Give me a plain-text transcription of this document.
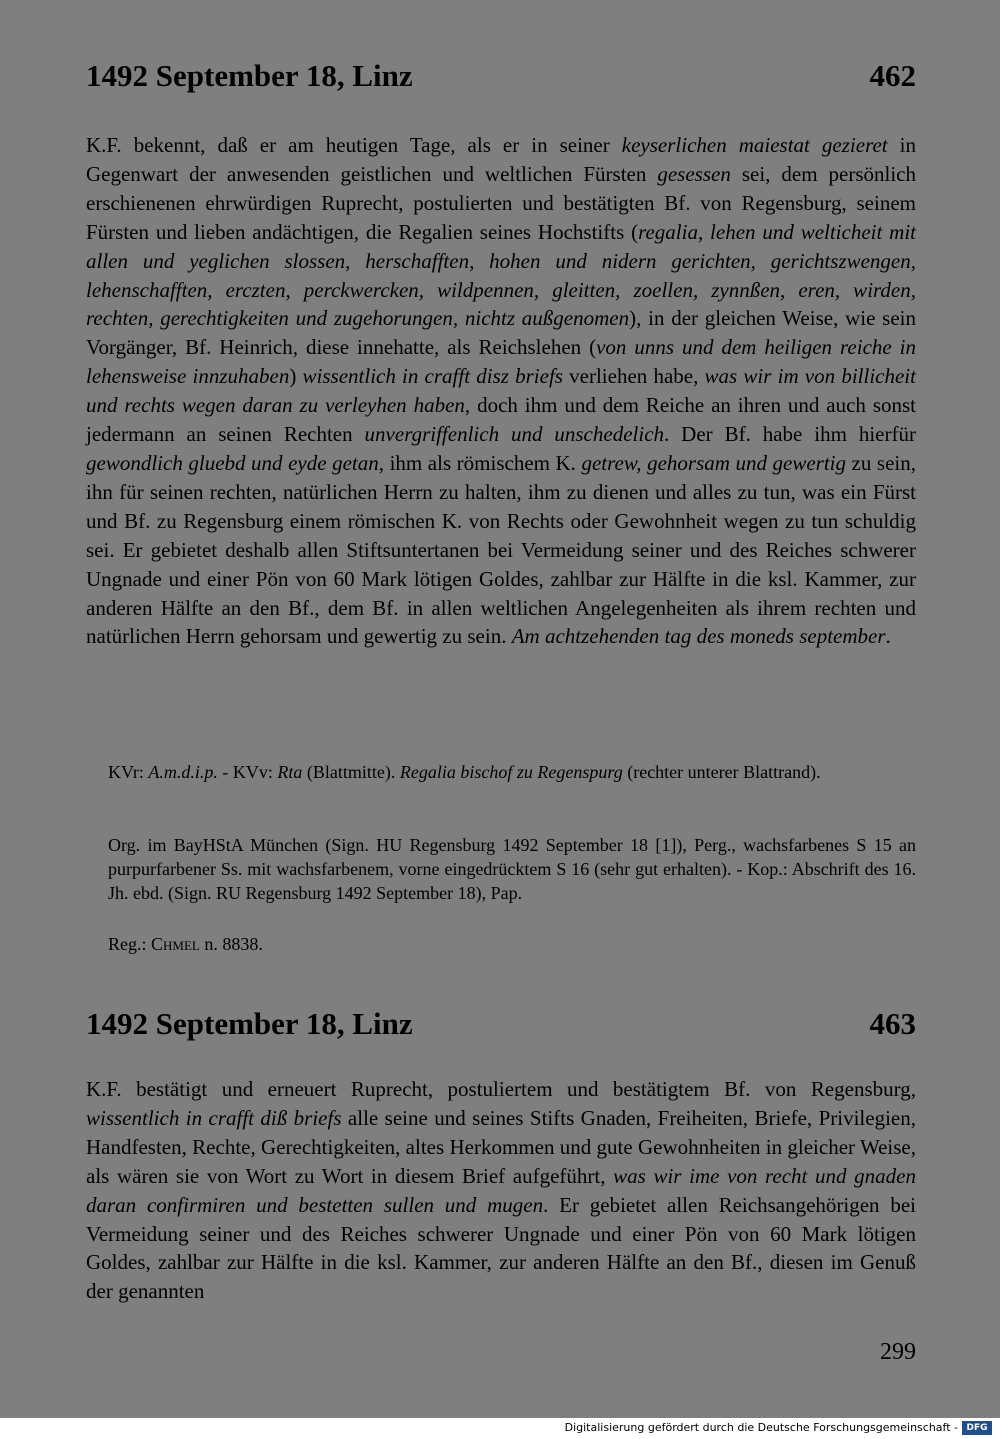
1492 September 18, Linz	462
K.F. bekennt, daß er am heutigen Tage, als er in seiner keyserlichen maiestat gezieret in Gegenwart der anwesenden geistlichen und weltlichen Fürsten gesessen sei, dem persönlich erschienenen ehrwürdigen Ruprecht, postulierten und bestätigten Bf. von Regensburg, seinem Fürsten und lieben andächtigen, die Regalien seines Hochstifts (regalia, lehen und welticheit mit allen und yeglichen slossen, herschafften, hohen und nidern gerichten, gerichtszwengen, lehenschafften, erczten, perckwercken, wildpennen, gleitten, zoellen, zynnßen, eren, wirden, rechten, gerechtigkeiten und zugehorungen, nichtz außgenomen), in der gleichen Weise, wie sein Vorgänger, Bf. Heinrich, diese innehatte, als Reichslehen (von unns und dem heiligen reiche in lehensweise innzuhaben) wissentlich in crafft disz briefs verliehen habe, was wir im von billicheit und rechts wegen daran zu verleyhen haben, doch ihm und dem Reiche an ihren und auch sonst jedermann an seinen Rechten unvergriffenlich und unschedelich. Der Bf. habe ihm hierfür gewondlich gluebd und eyde getan, ihm als römischem K. getrew, gehorsam und gewertig zu sein, ihn für seinen rechten, natürlichen Herrn zu halten, ihm zu dienen und alles zu tun, was ein Fürst und Bf. zu Regensburg einem römischen K. von Rechts oder Gewohnheit wegen zu tun schuldig sei. Er gebietet deshalb allen Stiftsuntertanen bei Vermeidung seiner und des Reiches schwerer Ungnade und einer Pön von 60 Mark lötigen Goldes, zahlbar zur Hälfte in die ksl. Kammer, zur anderen Hälfte an den Bf., dem Bf. in allen weltlichen Angelegenheiten als ihrem rechten und natürlichen Herrn gehorsam und gewertig zu sein. Am achtzehenden tag des moneds september.
KVr: A.m.d.i.p. - KVv: Rta (Blattmitte). Regalia bischof zu Regenspurg (rechter unterer Blattrand).
Org. im BayHStA München (Sign. HU Regensburg 1492 September 18 [1]), Perg., wachsfarbenes S 15 an purpurfarbener Ss. mit wachsfarbenem, vorne eingedrücktem S 16 (sehr gut erhalten). - Kop.: Abschrift des 16. Jh. ebd. (Sign. RU Regensburg 1492 September 18), Pap.
Reg.: Chmel n. 8838.
1492 September 18, Linz	463
K.F. bestätigt und erneuert Ruprecht, postuliertem und bestätigtem Bf. von Regensburg, wissentlich in crafft diß briefs alle seine und seines Stifts Gnaden, Freiheiten, Briefe, Privilegien, Handfesten, Rechte, Gerechtigkeiten, altes Herkommen und gute Gewohnheiten in gleicher Weise, als wären sie von Wort zu Wort in diesem Brief aufgeführt, was wir ime von recht und gnaden daran confirmiren und bestetten sullen und mugen. Er gebietet allen Reichsangehörigen bei Vermeidung seiner und des Reiches schwerer Ungnade und einer Pön von 60 Mark lötigen Goldes, zahlbar zur Hälfte in die ksl. Kammer, zur anderen Hälfte an den Bf., diesen im Genuß der genannten
299
Digitalisierung gefördert durch die Deutsche Forschungsgemeinschaft - DFG
